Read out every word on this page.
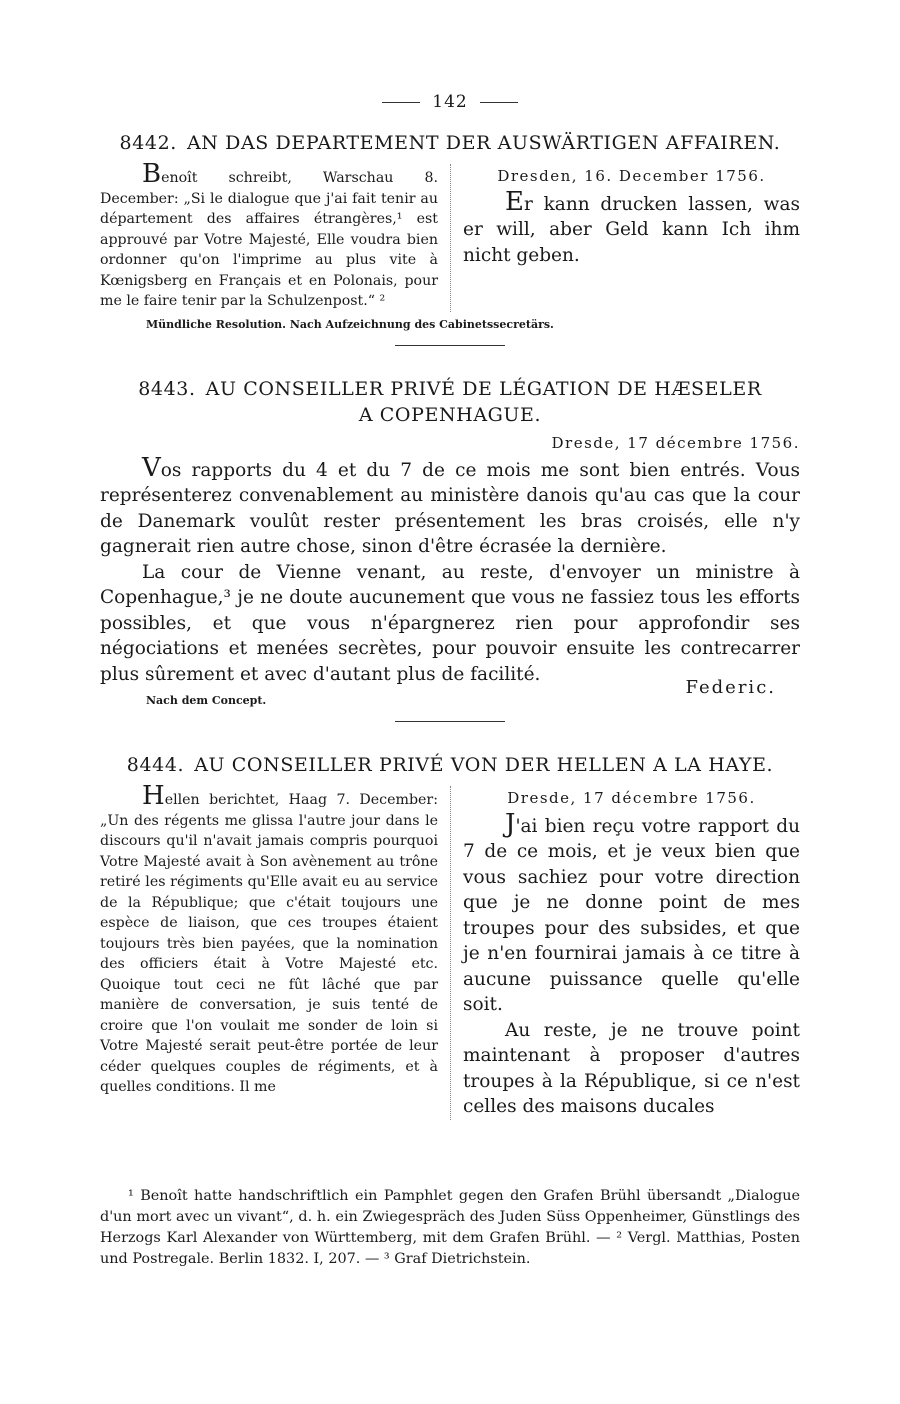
142
8442. AN DAS DEPARTEMENT DER AUSWÄRTIGEN AFFAIREN.

Benoît schreibt, Warschau 8. December: „Si le dialogue que j'ai fait tenir au département des affaires étrangères,¹ est approuvé par Votre Majesté, Elle voudra bien ordonner qu'on l'imprime au plus vite à Kœnigsberg en Français et en Polonais, pour me le faire tenir par la Schulzenpost.“ ²

Dresden, 16. December 1756.

Er kann drucken lassen, was er will, aber Geld kann Ich ihm nicht geben.

Mündliche Resolution. Nach Aufzeichnung des Cabinetssecretärs.
8443. AU CONSEILLER PRIVÉ DE LÉGATION DE HÆSELER
A COPENHAGUE.
Dresde, 17 décembre 1756.

Vos rapports du 4 et du 7 de ce mois me sont bien entrés. Vous représenterez convenablement au ministère danois qu'au cas que la cour de Danemark voulût rester présentement les bras croisés, elle n'y gagnerait rien autre chose, sinon d'être écrasée la dernière.

La cour de Vienne venant, au reste, d'envoyer un ministre à Copenhague,³ je ne doute aucunement que vous ne fassiez tous les efforts possibles, et que vous n'épargnerez rien pour approfondir ses négociations et menées secrètes, pour pouvoir ensuite les contrecarrer plus sûrement et avec d'autant plus de facilité.

Federic.
Nach dem Concept.
8444. AU CONSEILLER PRIVÉ VON DER HELLEN A LA HAYE.

Hellen berichtet, Haag 7. December: „Un des régents me glissa l'autre jour dans le discours qu'il n'avait jamais compris pourquoi Votre Majesté avait à Son avènement au trône retiré les régiments qu'Elle avait eu au service de la République; que c'était toujours une espèce de liaison, que ces troupes étaient toujours très bien payées, que la nomination des officiers était à Votre Majesté etc. Quoique tout ceci ne fût lâché que par manière de conversation, je suis tenté de croire que l'on voulait me sonder de loin si Votre Majesté serait peut-être portée de leur céder quelques couples de régiments, et à quelles conditions. Il me

Dresde, 17 décembre 1756.

J'ai bien reçu votre rapport du 7 de ce mois, et je veux bien que vous sachiez pour votre direction que je ne donne point de mes troupes pour des subsides, et que je n'en fournirai jamais à ce titre à aucune puissance quelle qu'elle soit.

Au reste, je ne trouve point maintenant à proposer d'autres troupes à la République, si ce n'est celles des maisons ducales

¹ Benoît hatte handschriftlich ein Pamphlet gegen den Grafen Brühl übersandt „Dialogue d'un mort avec un vivant“, d. h. ein Zwiegespräch des Juden Süss Oppenheimer, Günstlings des Herzogs Karl Alexander von Württemberg, mit dem Grafen Brühl. — ² Vergl. Matthias, Posten und Postregale. Berlin 1832. I, 207. — ³ Graf Dietrichstein.
